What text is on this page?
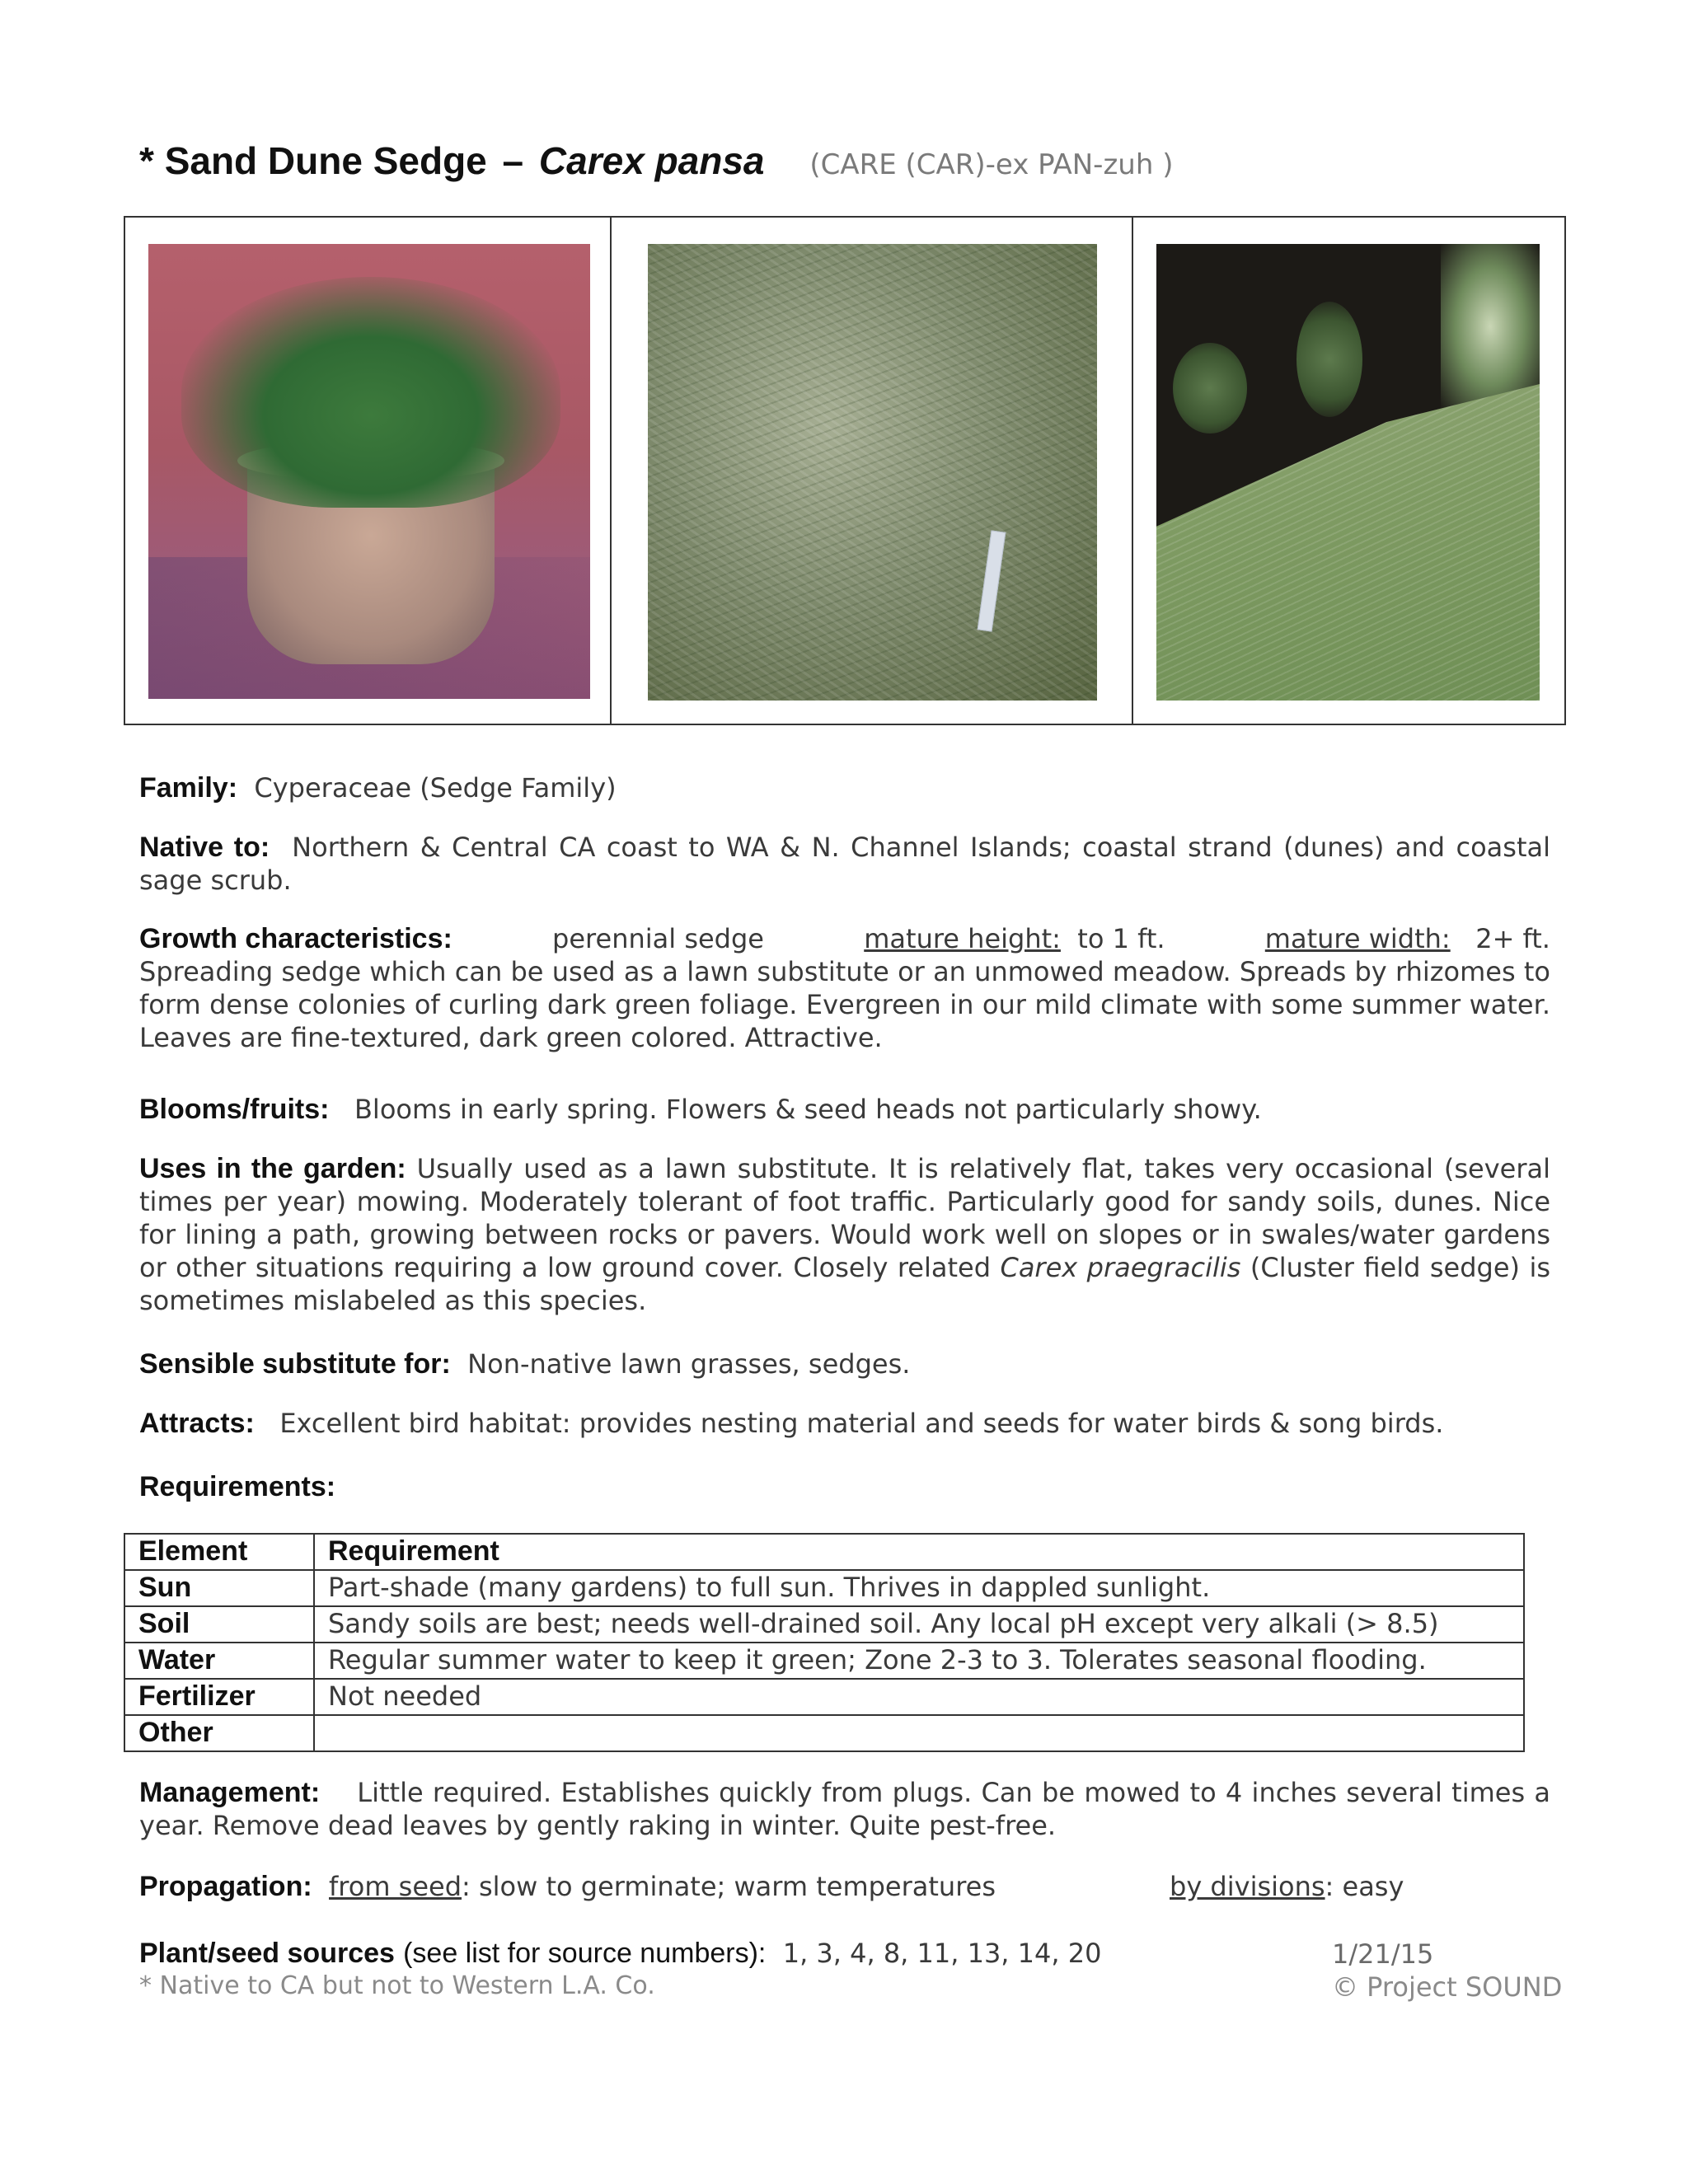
* Sand Dune Sedge – Carex pansa (CARE (CAR)-ex PAN-zuh )
Family: Cyperaceae (Sedge Family)
Native to: Northern & Central CA coast to WA & N. Channel Islands; coastal strand (dunes) and coastal sage scrub.
Growth characteristics:	perennial sedge	mature height: to 1 ft.	mature width: 2+ ft.
Spreading sedge which can be used as a lawn substitute or an unmowed meadow. Spreads by rhizomes to form dense colonies of curling dark green foliage. Evergreen in our mild climate with some summer water. Leaves are fine-textured, dark green colored. Attractive.
Blooms/fruits: Blooms in early spring. Flowers & seed heads not particularly showy.
Uses in the garden: Usually used as a lawn substitute. It is relatively flat, takes very occasional (several times per year) mowing. Moderately tolerant of foot traffic. Particularly good for sandy soils, dunes. Nice for lining a path, growing between rocks or pavers. Would work well on slopes or in swales/water gardens or other situations requiring a low ground cover. Closely related Carex praegracilis (Cluster field sedge) is sometimes mislabeled as this species.
Sensible substitute for: Non-native lawn grasses, sedges.
Attracts: Excellent bird habitat: provides nesting material and seeds for water birds & song birds.
Requirements:
Element	Requirement
Sun	Part-shade (many gardens) to full sun. Thrives in dappled sunlight.
Soil	Sandy soils are best; needs well-drained soil. Any local pH except very alkali (> 8.5)
Water	Regular summer water to keep it green; Zone 2-3 to 3. Tolerates seasonal flooding.
Fertilizer	Not needed
Other	
Management: Little required. Establishes quickly from plugs. Can be mowed to 4 inches several times a year. Remove dead leaves by gently raking in winter. Quite pest-free.
Propagation: from seed: slow to germinate; warm temperatures	by divisions: easy
Plant/seed sources (see list for source numbers): 1, 3, 4, 8, 11, 13, 14, 20	1/21/15
* Native to CA but not to Western L.A. Co.	© Project SOUND
